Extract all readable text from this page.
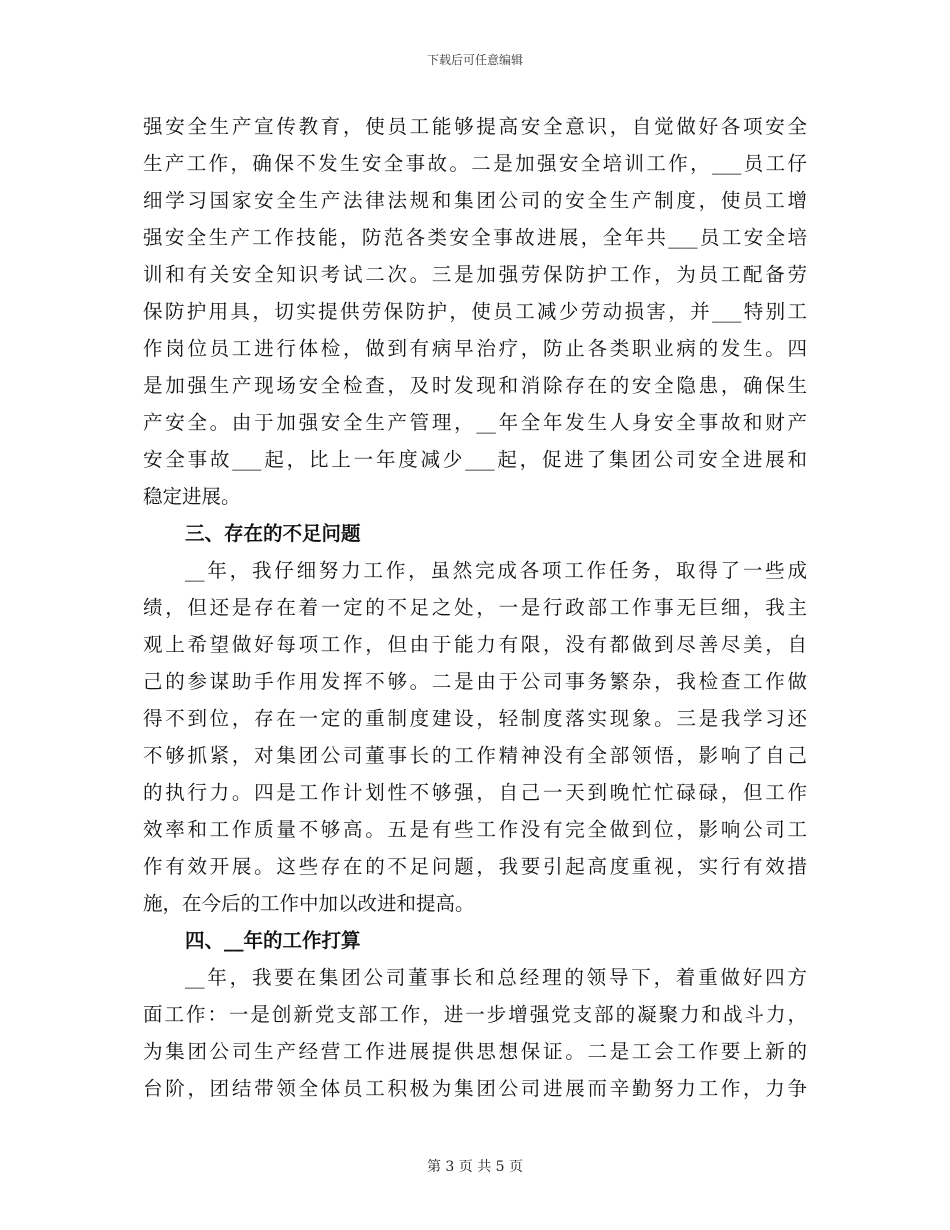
下载后可任意编辑
强安全生产宣传教育，使员工能够提高安全意识，自觉做好各项安全
生产工作，确保不发生安全事故。二是加强安全培训工作，___员工仔
细学习国家安全生产法律法规和集团公司的安全生产制度，使员工增
强安全生产工作技能，防范各类安全事故进展，全年共___员工安全培
训和有关安全知识考试二次。三是加强劳保防护工作，为员工配备劳
保防护用具，切实提供劳保防护，使员工减少劳动损害，并___特别工
作岗位员工进行体检，做到有病早治疗，防止各类职业病的发生。四
是加强生产现场安全检查，及时发现和消除存在的安全隐患，确保生
产安全。由于加强安全生产管理，__年全年发生人身安全事故和财产
安全事故___起，比上一年度减少___起，促进了集团公司安全进展和
稳定进展。
三、存在的不足问题
__年，我仔细努力工作，虽然完成各项工作任务，取得了一些成
绩，但还是存在着一定的不足之处，一是行政部工作事无巨细，我主
观上希望做好每项工作，但由于能力有限，没有都做到尽善尽美，自
己的参谋助手作用发挥不够。二是由于公司事务繁杂，我检查工作做
得不到位，存在一定的重制度建设，轻制度落实现象。三是我学习还
不够抓紧，对集团公司董事长的工作精神没有全部领悟，影响了自己
的执行力。四是工作计划性不够强，自己一天到晚忙忙碌碌，但工作
效率和工作质量不够高。五是有些工作没有完全做到位，影响公司工
作有效开展。这些存在的不足问题，我要引起高度重视，实行有效措
施，在今后的工作中加以改进和提高。
四、__年的工作打算
__年，我要在集团公司董事长和总经理的领导下，着重做好四方
面工作：一是创新党支部工作，进一步增强党支部的凝聚力和战斗力，
为集团公司生产经营工作进展提供思想保证。二是工会工作要上新的
台阶，团结带领全体员工积极为集团公司进展而辛勤努力工作，力争
第 3 页 共 5 页
